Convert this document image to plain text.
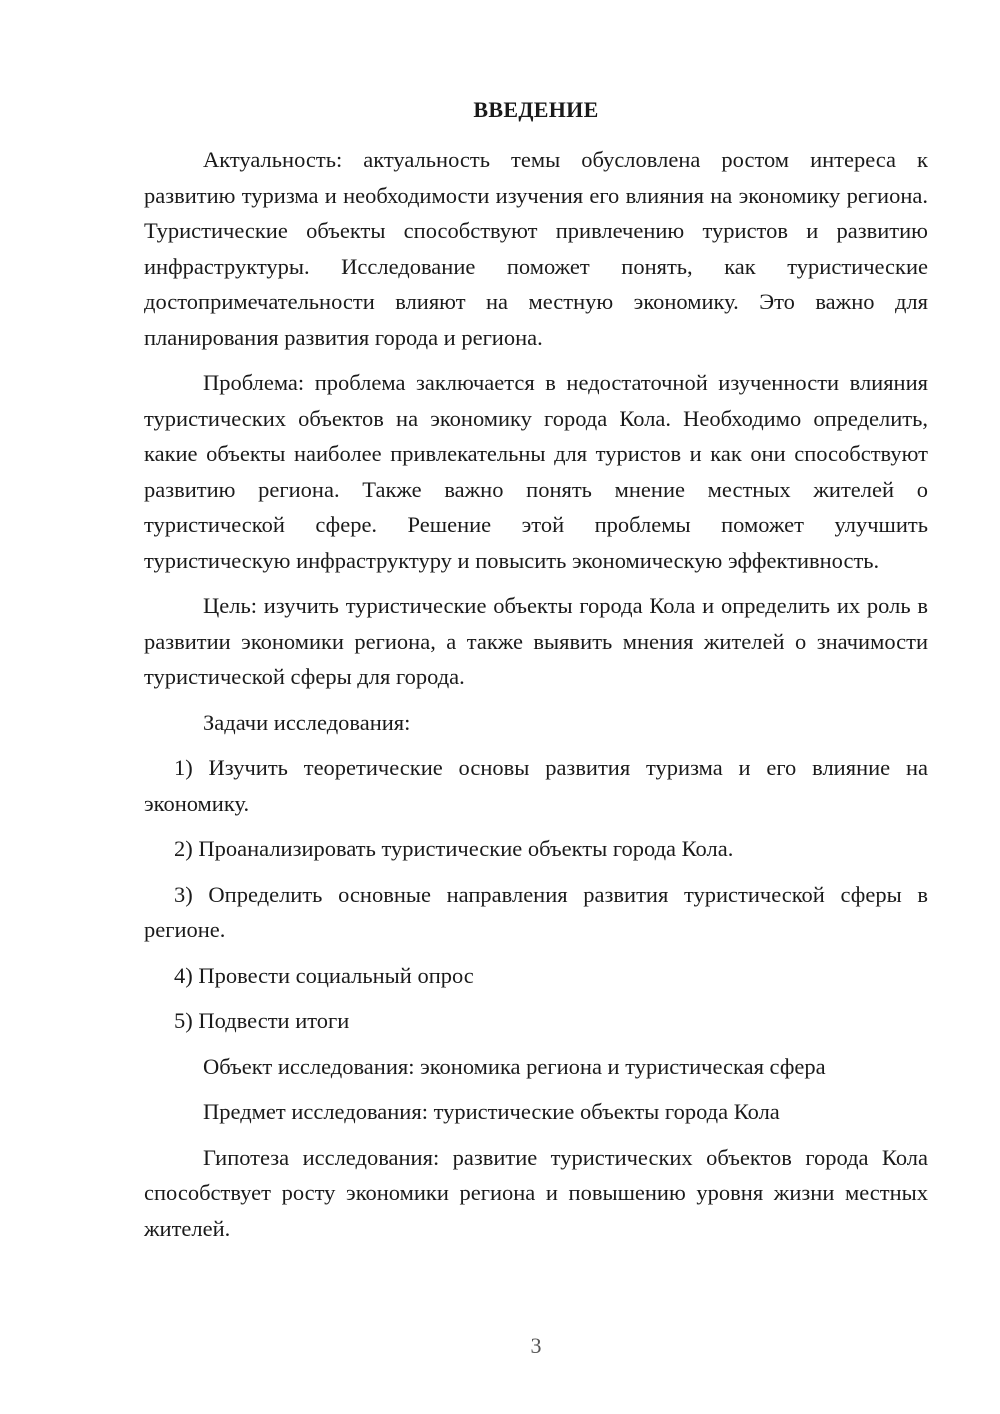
ВВЕДЕНИЕ

Актуальность: актуальность темы обусловлена ростом интереса к развитию туризма и необходимости изучения его влияния на экономику региона. Туристические объекты способствуют привлечению туристов и развитию инфраструктуры. Исследование поможет понять, как туристические достопримечательности влияют на местную экономику. Это важно для планирования развития города и региона.

Проблема: проблема заключается в недостаточной изученности влияния туристических объектов на экономику города Кола. Необходимо определить, какие объекты наиболее привлекательны для туристов и как они способствуют развитию региона. Также важно понять мнение местных жителей о туристической сфере. Решение этой проблемы поможет улучшить туристическую инфраструктуру и повысить экономическую эффективность.

Цель: изучить туристические объекты города Кола и определить их роль в развитии экономики региона, а также выявить мнения жителей о значимости туристической сферы для города.

Задачи исследования:

1) Изучить теоретические основы развития туризма и его влияние на экономику.

2) Проанализировать туристические объекты города Кола.

3) Определить основные направления развития туристической сферы в регионе.

4) Провести социальный опрос

5) Подвести итоги

Объект исследования: экономика региона и туристическая сфера

Предмет исследования: туристические объекты города Кола

Гипотеза исследования: развитие туристических объектов города Кола способствует росту экономики региона и повышению уровня жизни местных жителей.

3
